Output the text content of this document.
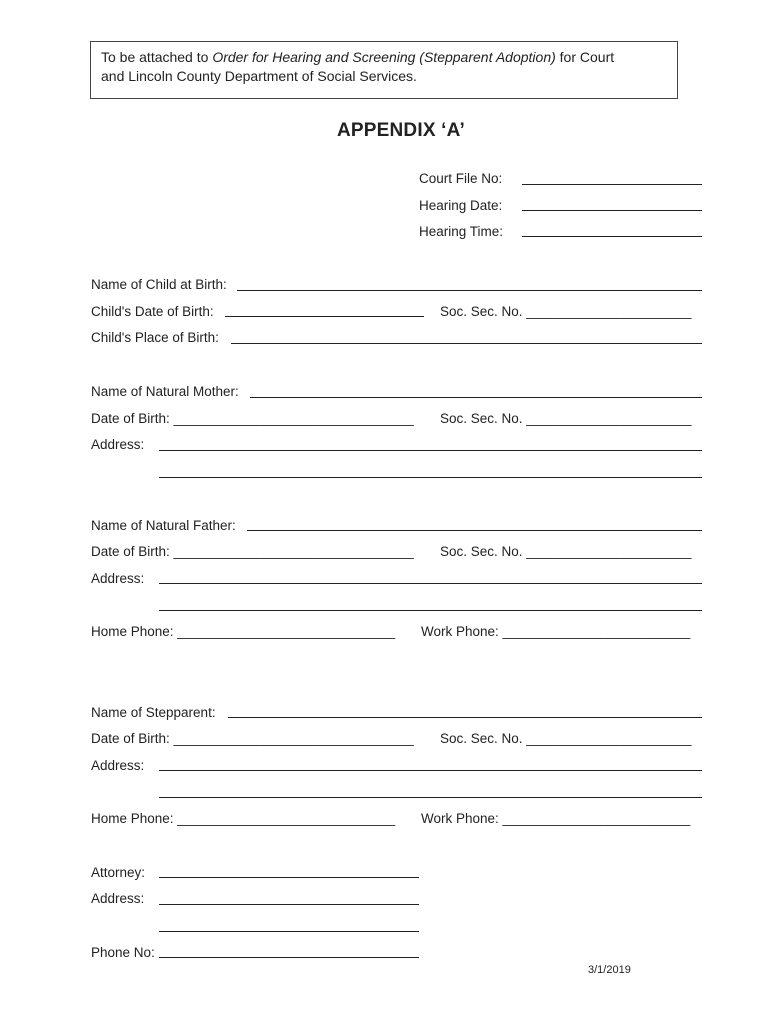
To be attached to Order for Hearing and Screening (Stepparent Adoption) for Court
and Lincoln County Department of Social Services.
APPENDIX ‘A’
Court File No:
Hearing Date:
Hearing Time:
Name of Child at Birth:
Child's Date of Birth:	Soc. Sec. No. ______________________
Child's Place of Birth:
Name of Natural Mother:
Date of Birth: ________________________________ Soc. Sec. No. ______________________
Address:
Name of Natural Father:
Date of Birth: ________________________________ Soc. Sec. No. ______________________
Address:
Home Phone: _____________________________ Work Phone: _________________________
Name of Stepparent:
Date of Birth: ________________________________ Soc. Sec. No. ______________________
Address:
Home Phone: _____________________________ Work Phone: _________________________
Attorney:
Address:
Phone No:
3/1/2019
